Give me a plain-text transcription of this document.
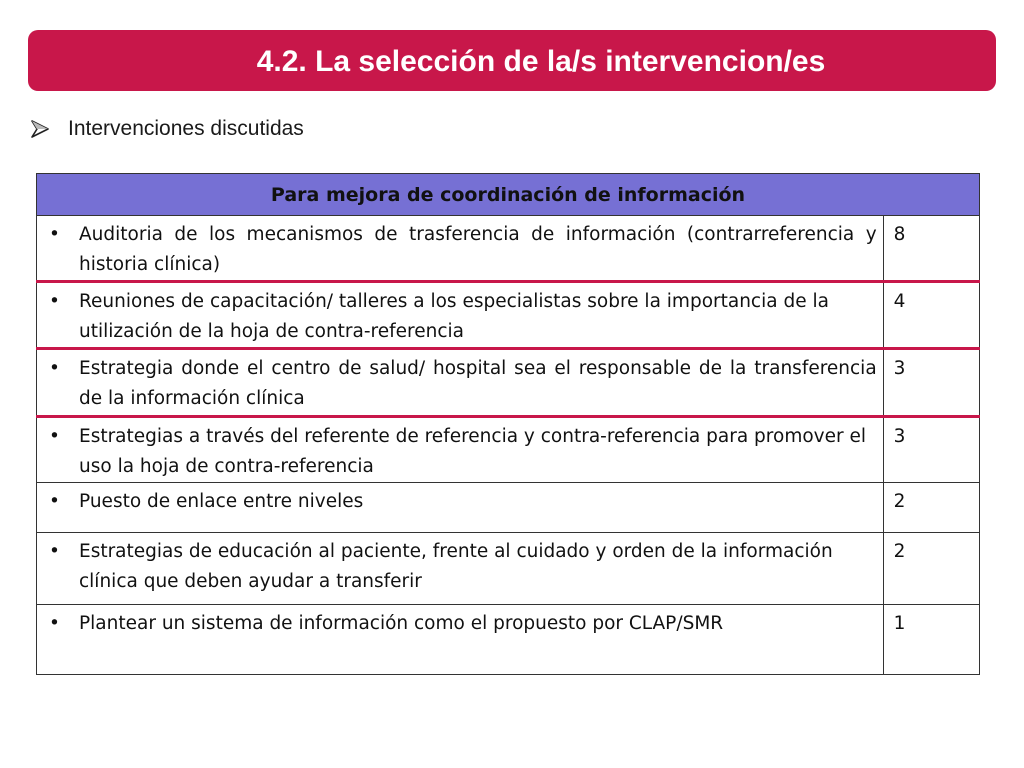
4.2. La selección de la/s intervencion/es
Intervenciones discutidas
Para mejora de coordinación de información	

• Auditoria de los mecanismos de trasferencia de información (contrarreferencia y historia clínica)	8

• Reuniones de capacitación/ talleres a los especialistas sobre la importancia de la utilización de la hoja de contra-referencia	4

• Estrategia donde el centro de salud/ hospital sea el responsable de la transferencia de la información clínica	3

• Estrategias a través del referente de referencia y contra-referencia para promover el uso la hoja de contra-referencia	3

• Puesto de enlace entre niveles	2

• Estrategias de educación al paciente, frente al cuidado y orden de la información clínica que deben ayudar a transferir	2

• Plantear un sistema de información como el propuesto por CLAP/SMR	1
